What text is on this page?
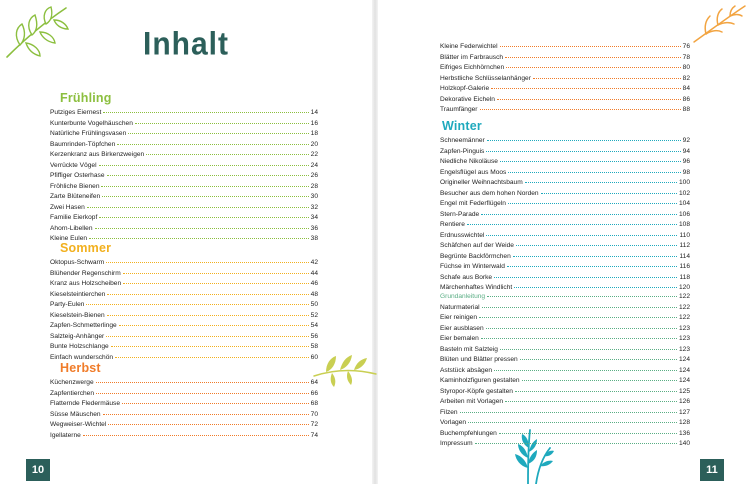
Inhalt
Frühling
Putziges Eiernest	14
Kunterbunte Vogelhäuschen	16
Natürliche Frühlingsvasen	18
Baumrinden-Töpfchen	20
Kerzenkranz aus Birkenzweigen	22
Verrückte Vögel	24
Pfiffiger Osterhase	26
Fröhliche Bienen	28
Zarte Blüteneifen	30
Zwei Hasen	32
Familie Eierkopf	34
Ahorn-Libellen	36
Kleine Eulen	38
Sommer
Oktopus-Schwarm	42
Blühender Regenschirm	44
Kranz aus Holzscheiben	46
Kieselsteintierchen	48
Party-Eulen	50
Kieselstein-Bienen	52
Zapfen-Schmetterlinge	54
Salzteig-Anhänger	56
Bunte Holzschlange	58
Einfach wunderschön	60
Herbst
Küchenzwerge	64
Zapfentierchen	66
Flatternde Fledermäuse	68
Süsse Mäuschen	70
Wegweiser-Wichtel	72
Igellaterne	74
Kleine Federwichtel	76
Blätter im Farbrausch	78
Eifriges Eichhörnchen	80
Herbstliche Schlüsselanhänger	82
Holzkopf-Galerie	84
Dekorative Eicheln	86
Traumfänger	88
Winter
Schneemänner	92
Zapfen-Pinguis	94
Niedliche Nikoläuse	96
Engelsflügel aus Moos	98
Origineller Weihnachtsbaum	100
Besucher aus dem hohen Norden	102
Engel mit Federflügeln	104
Stern-Parade	106
Rentiere	108
Erdnusswichtel	110
Schäfchen auf der Weide	112
Begrünte Backförmchen	114
Füchse im Winterwald	116
Schafe aus Borke	118
Märchenhaftes Windlicht	120
Grundanleitung	122
Naturmaterial	122
Eier reinigen	122
Eier ausblasen	123
Eier bemalen	123
Basteln mit Salzteig	123
Blüten und Blätter pressen	124
Aststück absägen	124
Kaminholzfiguren gestalten	124
Styropor-Köpfe gestalten	125
Arbeiten mit Vorlagen	126
Filzen	127
Vorlagen	128
Buchempfehlungen	136
Impressum	140
10	11
